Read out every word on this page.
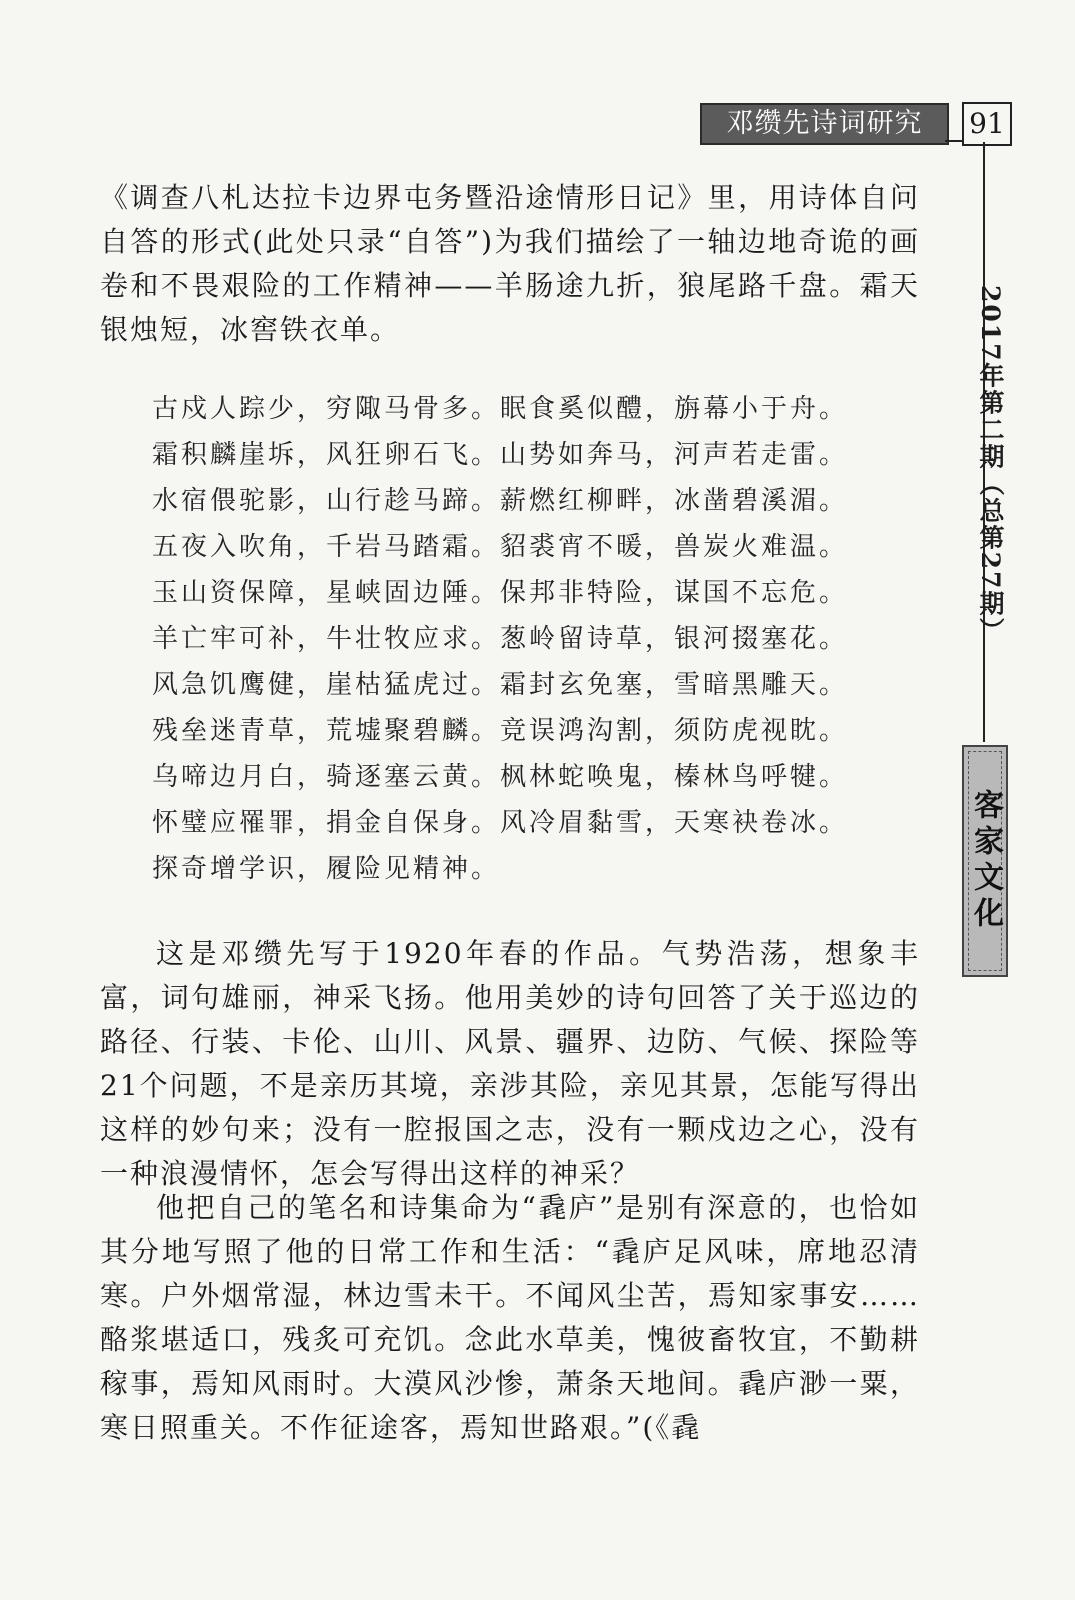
邓缵先诗词研究	91
2017年第二期（总第27期）
客家文化

《调查八札达拉卡边界屯务暨沿途情形日记》里，用诗体自问自答的形式(此处只录“自答”)为我们描绘了一轴边地奇诡的画卷和不畏艰险的工作精神——羊肠途九折，狼尾路千盘。霜天银烛短，冰窖铁衣单。

古戍人踪少，穷陬马骨多。眠食奚似醴，旃幕小于舟。
霜积麟崖坼，风狂卵石飞。山势如奔马，河声若走雷。
水宿偎驼影，山行趁马蹄。薪燃红柳畔，冰凿碧溪湄。
五夜入吹角，千岩马踏霜。貂裘宵不暖，兽炭火难温。
玉山资保障，星峡固边陲。保邦非特险，谋国不忘危。
羊亡牢可补，牛壮牧应求。葱岭留诗草，银河掇塞花。
风急饥鹰健，崖枯猛虎过。霜封玄免塞，雪暗黑雕天。
残垒迷青草，荒墟聚碧麟。竞误鸿沟割，须防虎视眈。
乌啼边月白，骑逐塞云黄。枫林蛇唤鬼，榛林鸟呼犍。
怀璧应罹罪，捐金自保身。风冷眉黏雪，天寒袂卷冰。
探奇增学识，履险见精神。

这是邓缵先写于1920年春的作品。气势浩荡，想象丰富，词句雄丽，神采飞扬。他用美妙的诗句回答了关于巡边的路径、行装、卡伦、山川、风景、疆界、边防、气候、探险等21个问题，不是亲历其境，亲涉其险，亲见其景，怎能写得出这样的妙句来；没有一腔报国之志，没有一颗戍边之心，没有一种浪漫情怀，怎会写得出这样的神采？

他把自己的笔名和诗集命为“毳庐”是别有深意的，也恰如其分地写照了他的日常工作和生活：“毳庐足风味，席地忍清寒。户外烟常湿，林边雪未干。不闻风尘苦，焉知家事安……酪浆堪适口，残炙可充饥。念此水草美，愧彼畜牧宜，不勤耕稼事，焉知风雨时。大漠风沙惨，萧条天地间。毳庐渺一粟，寒日照重关。不作征途客，焉知世路艰。”(《毳
